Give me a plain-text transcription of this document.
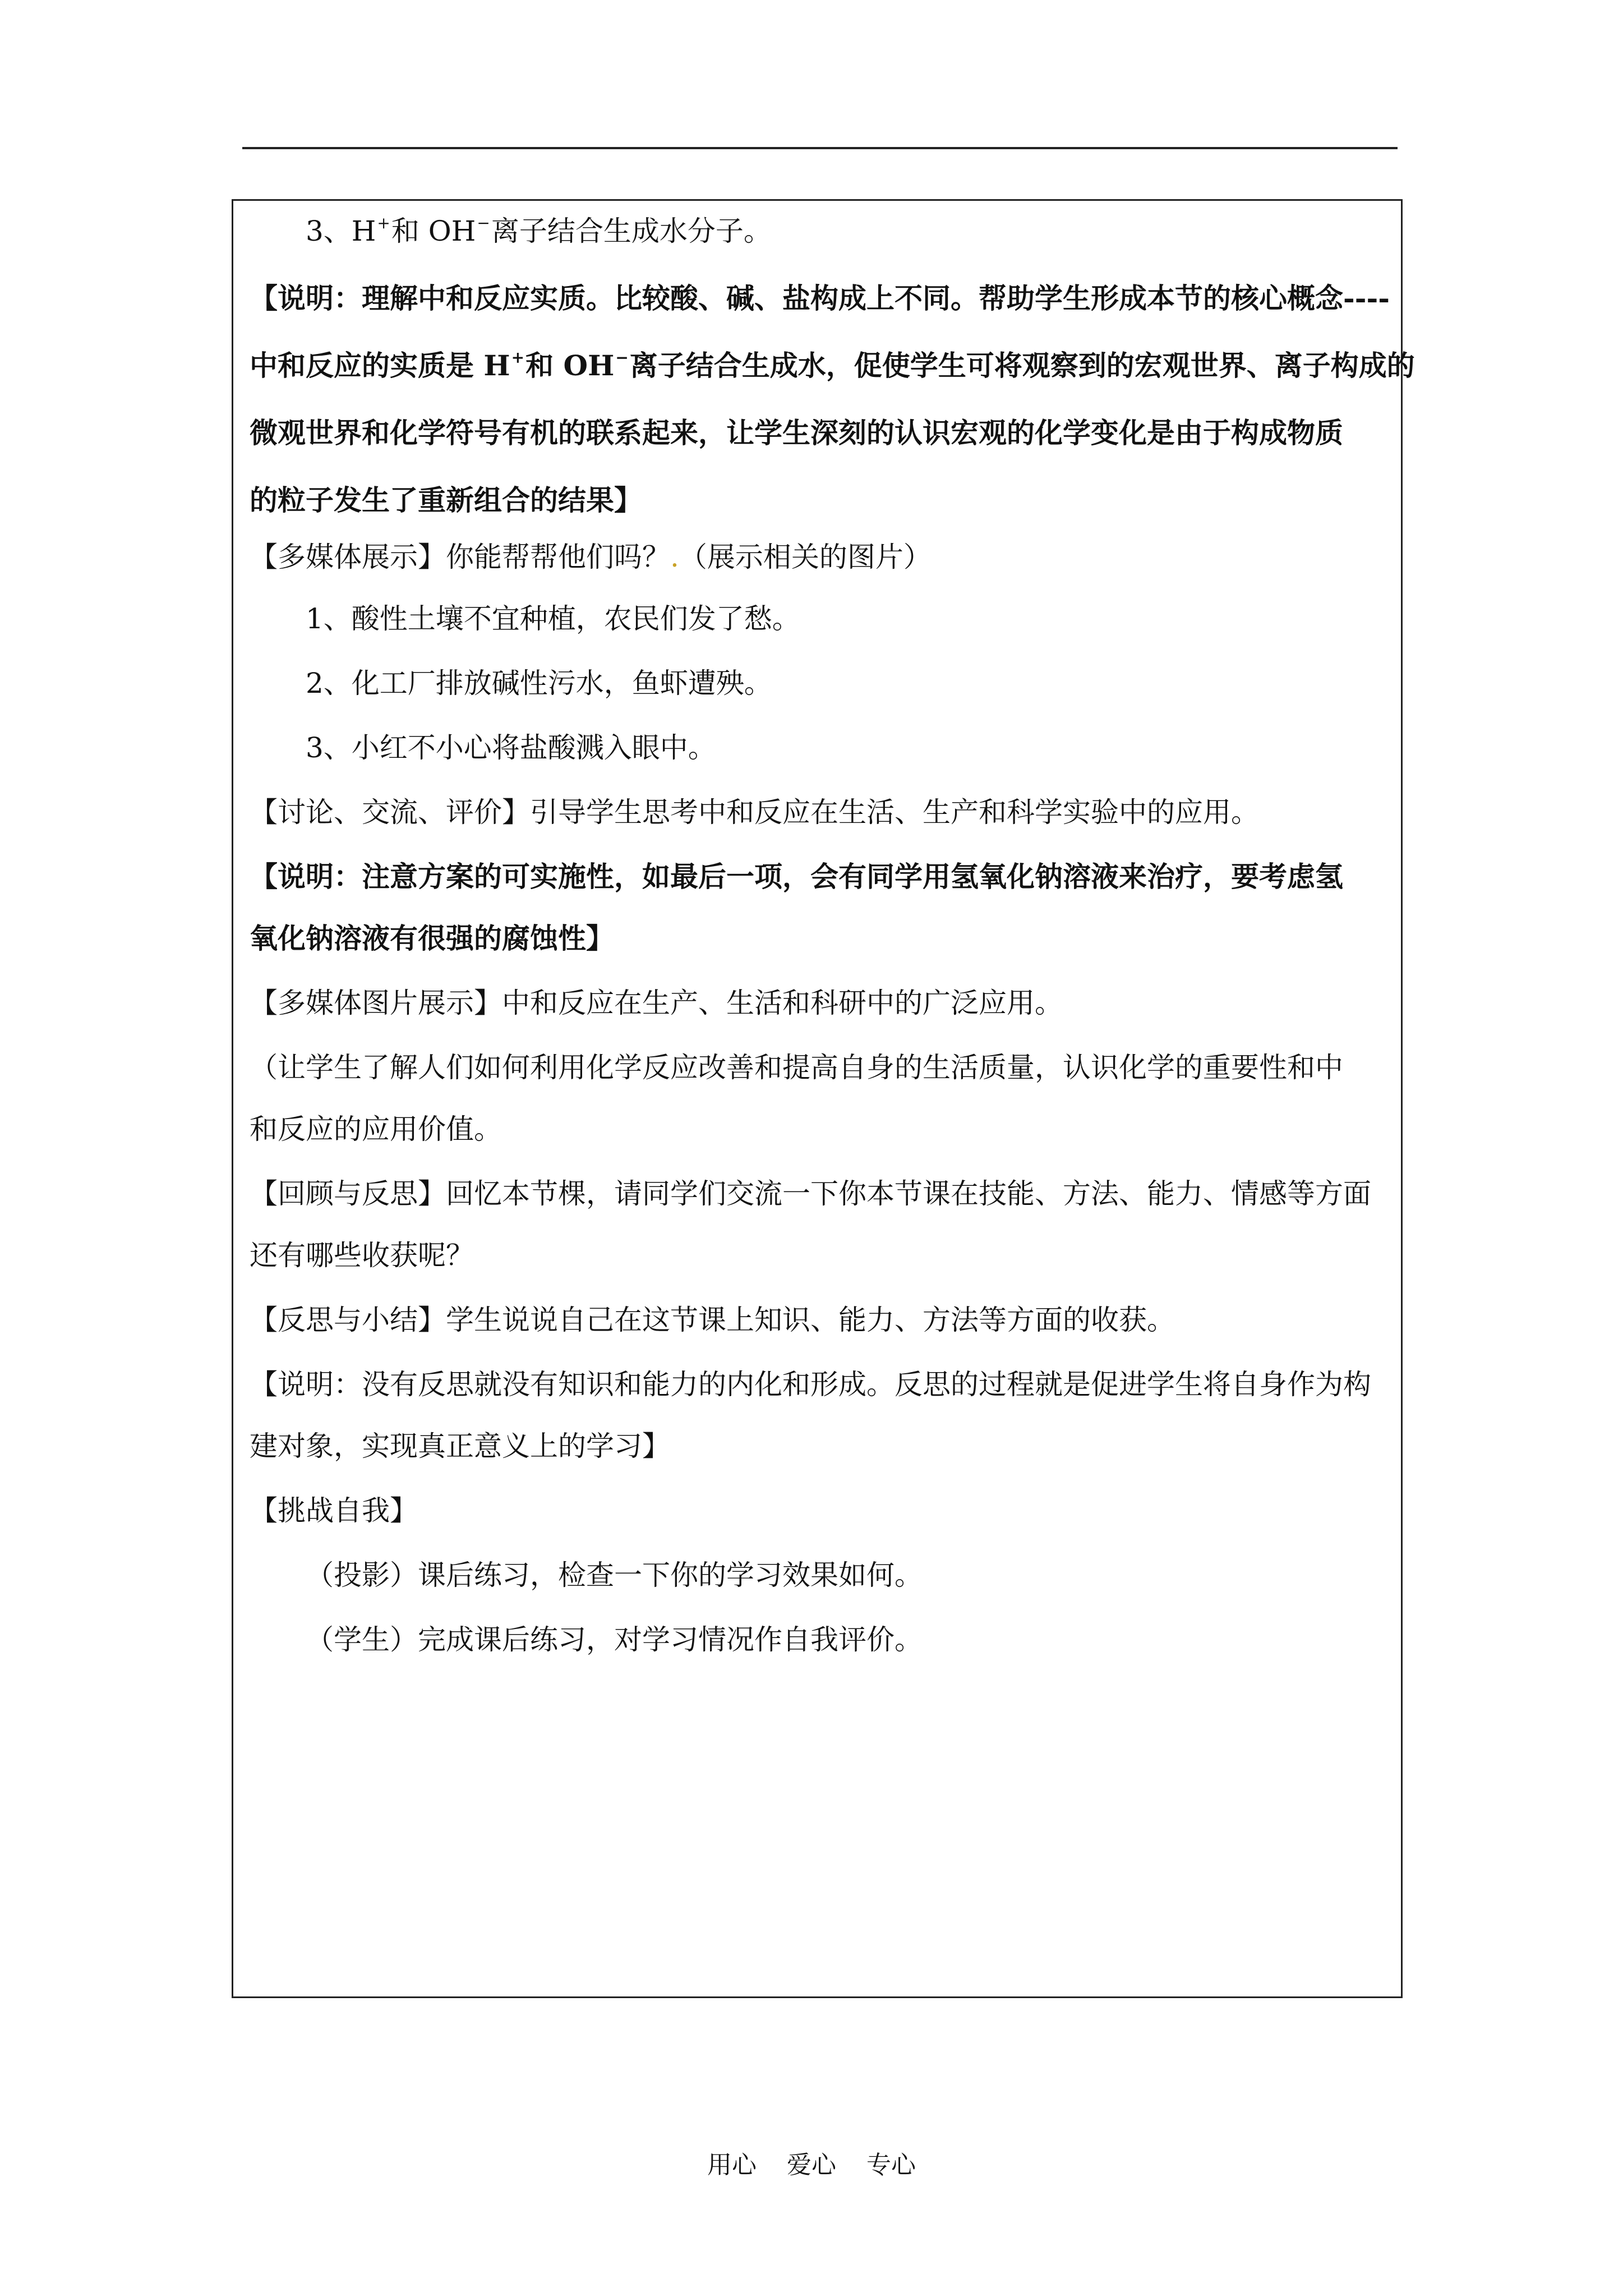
3、H+和 OH−离子结合生成水分子。
【说明：理解中和反应实质。比较酸、碱、盐构成上不同。帮助学生形成本节的核心概念----
中和反应的实质是 H+和 OH−离子结合生成水，促使学生可将观察到的宏观世界、离子构成的
微观世界和化学符号有机的联系起来，让学生深刻的认识宏观的化学变化是由于构成物质
的粒子发生了重新组合的结果】
【多媒体展示】你能帮帮他们吗？.（展示相关的图片）
1、酸性土壤不宜种植，农民们发了愁。
2、化工厂排放碱性污水，鱼虾遭殃。
3、小红不小心将盐酸溅入眼中。
【讨论、交流、评价】引导学生思考中和反应在生活、生产和科学实验中的应用。
【说明：注意方案的可实施性，如最后一项，会有同学用氢氧化钠溶液来治疗，要考虑氢
氧化钠溶液有很强的腐蚀性】
【多媒体图片展示】中和反应在生产、生活和科研中的广泛应用。
（让学生了解人们如何利用化学反应改善和提高自身的生活质量，认识化学的重要性和中
和反应的应用价值。
【回顾与反思】回忆本节棵，请同学们交流一下你本节课在技能、方法、能力、情感等方面
还有哪些收获呢？
【反思与小结】学生说说自己在这节课上知识、能力、方法等方面的收获。
【说明：没有反思就没有知识和能力的内化和形成。反思的过程就是促进学生将自身作为构
建对象，实现真正意义上的学习】
【挑战自我】
（投影）课后练习，检查一下你的学习效果如何。
（学生）完成课后练习，对学习情况作自我评价。
用心 爱心 专心
